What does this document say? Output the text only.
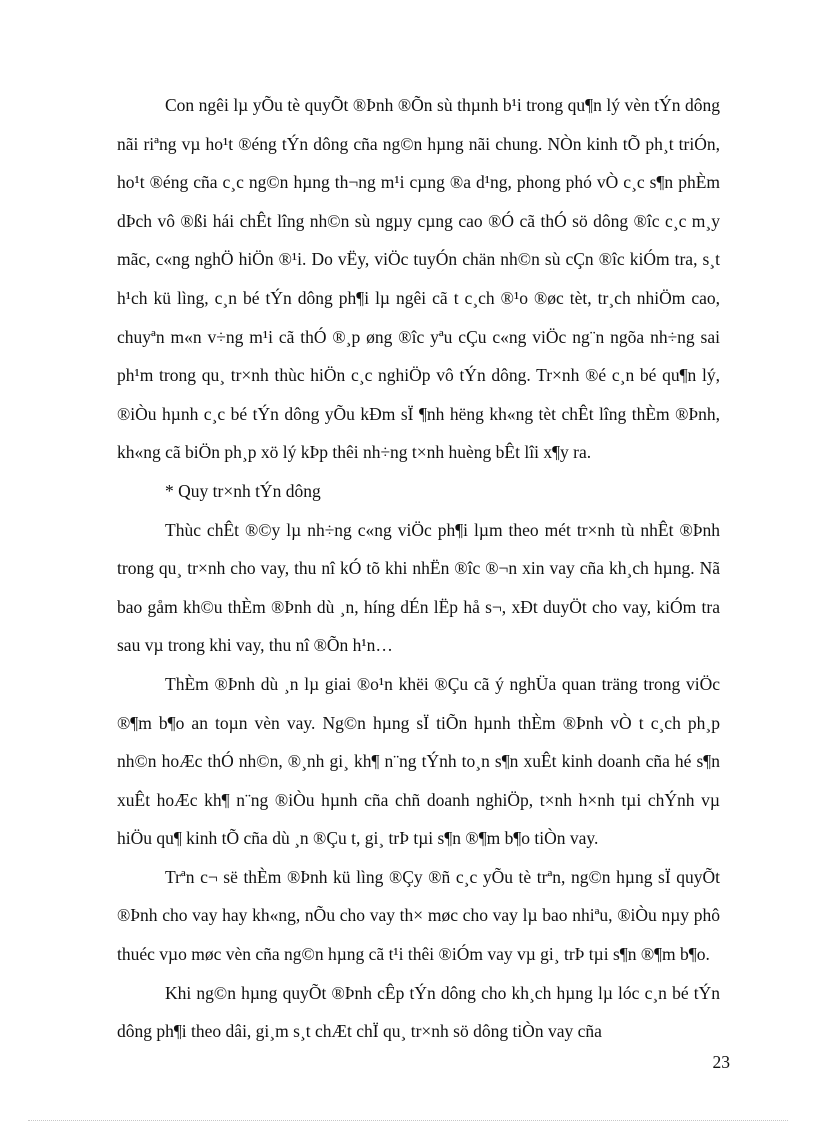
Con ngêi lµ yÕu tè quyÕt ®Þnh ®Õn sù thµnh b¹i trong qu¶n lý vèn tÝn dông nãi riªng vµ ho¹t ®éng tÝn dông cña ng©n hµng nãi chung. NÒn kinh tÕ ph¸t triÓn, ho¹t ®éng cña c¸c ng©n hµng th¬ng m¹i cµng ®a d¹ng, phong phó vÒ c¸c s¶n phÈm dÞch vô ®ßi hái chÊt lîng nh©n sù ngµy cµng cao ®Ó cã thÓ sö dông ®îc c¸c m¸y mãc, c«ng nghÖ hiÖn ®¹i. Do vËy, viÖc tuyÓn chän nh©n sù cÇn ®îc kiÓm tra, s¸t h¹ch kü lìng, c¸n bé tÝn dông ph¶i lµ ngêi cã t c¸ch ®¹o ®øc tèt, tr¸ch nhiÖm cao, chuyªn m«n v÷ng m¹i cã thÓ ®¸p øng ®îc yªu cÇu c«ng viÖc ng¨n ngõa nh÷ng sai ph¹m trong qu¸ tr×nh thùc hiÖn c¸c nghiÖp vô tÝn dông. Tr×nh ®é c¸n bé qu¶n lý, ®iÒu hµnh c¸c bé tÝn dông yÕu kÐm sÏ ¶nh hëng kh«ng tèt chÊt lîng thÈm ®Þnh, kh«ng cã biÖn ph¸p xö lý kÞp thêi nh÷ng t×nh huèng bÊt lîi x¶y ra.

* Quy tr×nh tÝn dông

Thùc chÊt ®©y lµ nh÷ng c«ng viÖc ph¶i lµm theo mét tr×nh tù nhÊt ®Þnh trong qu¸ tr×nh cho vay, thu nî kÓ tõ khi nhËn ®îc ®¬n xin vay cña kh¸ch hµng. Nã bao gåm kh©u thÈm ®Þnh dù ¸n, híng dÉn lËp hå s¬, xÐt duyÖt cho vay, kiÓm tra sau vµ trong khi vay, thu nî ®Õn h¹n…

ThÈm ®Þnh dù ¸n lµ giai ®o¹n khëi ®Çu cã ý nghÜa quan träng trong viÖc ®¶m b¶o an toµn vèn vay. Ng©n hµng sÏ tiÕn hµnh thÈm ®Þnh vÒ t c¸ch ph¸p nh©n hoÆc thÓ nh©n, ®¸nh gi¸ kh¶ n¨ng tÝnh to¸n s¶n xuÊt kinh doanh cña hé s¶n xuÊt hoÆc kh¶ n¨ng ®iÒu hµnh cña chñ doanh nghiÖp, t×nh h×nh tµi chÝnh vµ hiÖu qu¶ kinh tÕ cña dù ¸n ®Çu t, gi¸ trÞ tµi s¶n ®¶m b¶o tiÒn vay.

Trªn c¬ së thÈm ®Þnh kü lìng ®Çy ®ñ c¸c yÕu tè trªn, ng©n hµng sÏ quyÕt ®Þnh cho vay hay kh«ng, nÕu cho vay th× møc cho vay lµ bao nhiªu, ®iÒu nµy phô thuéc vµo møc vèn cña ng©n hµng cã t¹i thêi ®iÓm vay vµ gi¸ trÞ tµi s¶n ®¶m b¶o.

Khi ng©n hµng quyÕt ®Þnh cÊp tÝn dông cho kh¸ch hµng lµ lóc c¸n bé tÝn dông ph¶i theo dâi, gi¸m s¸t chÆt chÏ qu¸ tr×nh sö dông tiÒn vay cña

23
